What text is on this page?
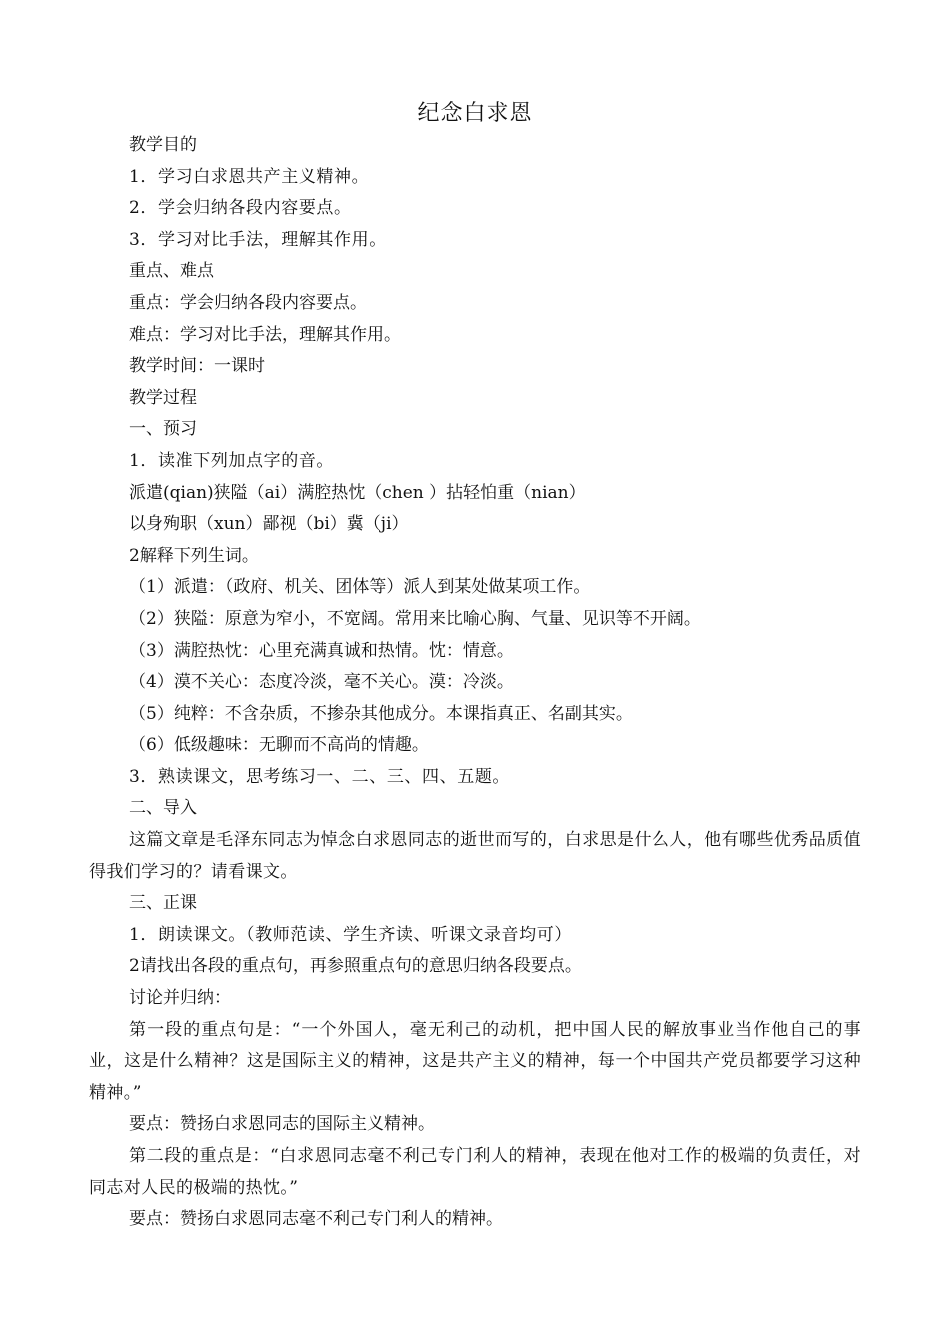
纪念白求恩
教学目的
1．学习白求恩共产主义精神。
2．学会归纳各段内容要点。
3．学习对比手法，理解其作用。
重点、难点
重点：学会归纳各段内容要点。
难点：学习对比手法，理解其作用。
教学时间：一课时
教学过程
一、预习
1．读准下列加点字的音。
派遣(qian)狭隘（ai）满腔热忱（chen ）拈轻怕重（nian）
以身殉职（xun）鄙视（bi）冀（ji）
2解释下列生词。
（1）派遣：（政府、机关、团体等）派人到某处做某项工作。
（2）狭隘：原意为窄小，不宽阔。常用来比喻心胸、气量、见识等不开阔。
（3）满腔热忱：心里充满真诚和热情。忱：情意。
（4）漠不关心：态度冷淡，毫不关心。漠：冷淡。
（5）纯粹：不含杂质，不掺杂其他成分。本课指真正、名副其实。
（6）低级趣味：无聊而不高尚的情趣。
3．熟读课文，思考练习一、二、三、四、五题。
二、导入
这篇文章是毛泽东同志为悼念白求恩同志的逝世而写的，白求思是什么人，他有哪些优秀品质值得我们学习的？请看课文。
三、正课
1．朗读课文。（教师范读、学生齐读、听课文录音均可）
2请找出各段的重点句，再参照重点句的意思归纳各段要点。
讨论并归纳：
第一段的重点句是：“一个外国人，毫无利己的动机，把中国人民的解放事业当作他自己的事业，这是什么精神？这是国际主义的精神，这是共产主义的精神，每一个中国共产党员都要学习这种精神。”
要点：赞扬白求恩同志的国际主义精神。
第二段的重点是：“白求恩同志毫不利己专门利人的精神，表现在他对工作的极端的负责任，对同志对人民的极端的热忱。”
要点：赞扬白求恩同志毫不利己专门利人的精神。
